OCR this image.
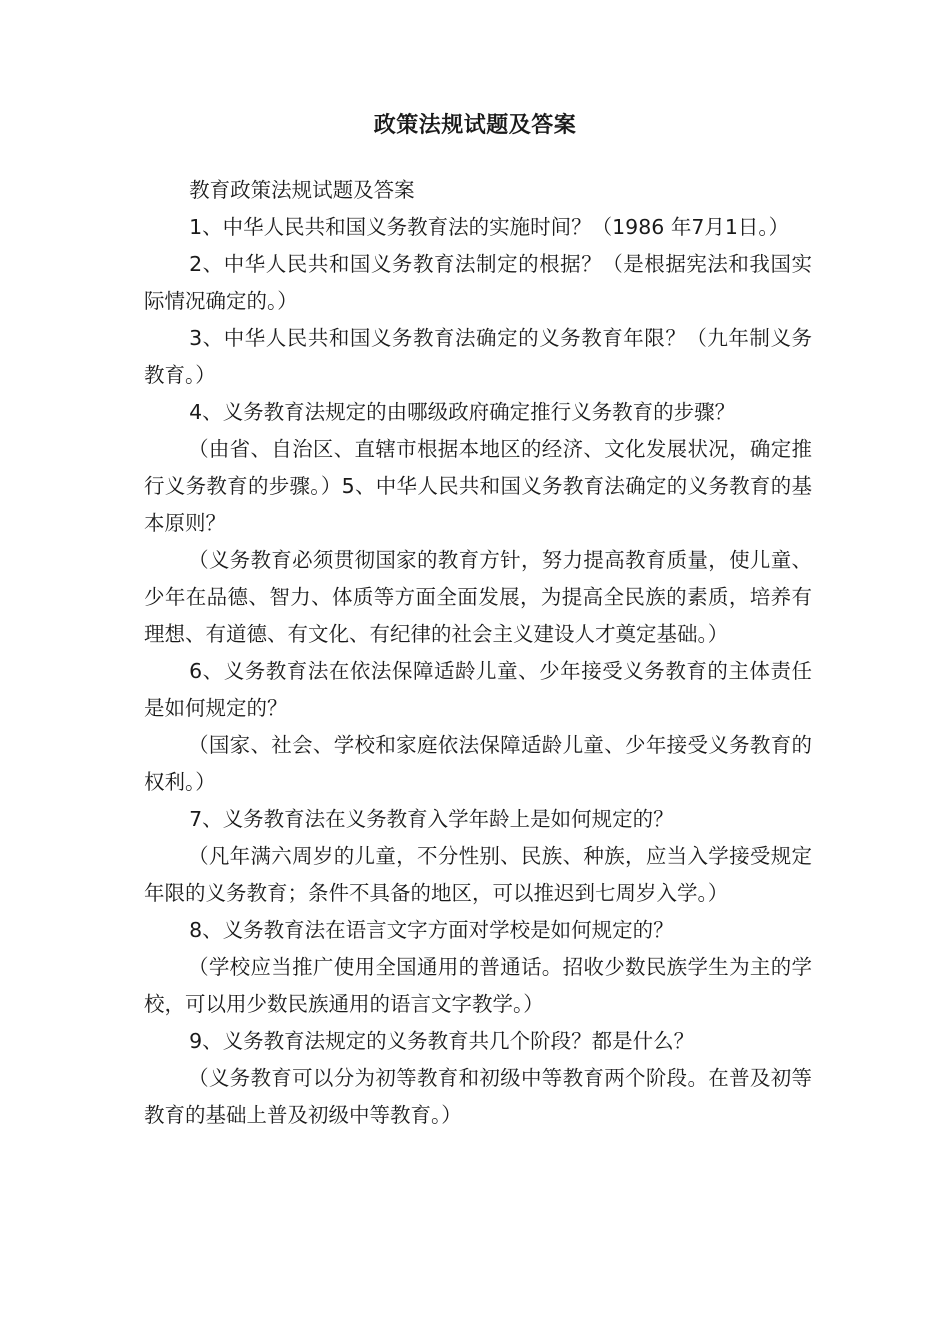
政策法规试题及答案

教育政策法规试题及答案

1、中华人民共和国义务教育法的实施时间？（1986 年7月1日。）

2、中华人民共和国义务教育法制定的根据？（是根据宪法和我国实际情况确定的。）

3、中华人民共和国义务教育法确定的义务教育年限？（九年制义务教育。）

4、义务教育法规定的由哪级政府确定推行义务教育的步骤？

（由省、自治区、直辖市根据本地区的经济、文化发展状况，确定推行义务教育的步骤。）5、中华人民共和国义务教育法确定的义务教育的基本原则？

（义务教育必须贯彻国家的教育方针，努力提高教育质量，使儿童、少年在品德、智力、体质等方面全面发展，为提高全民族的素质，培养有理想、有道德、有文化、有纪律的社会主义建设人才奠定基础。）

6、义务教育法在依法保障适龄儿童、少年接受义务教育的主体责任是如何规定的？

（国家、社会、学校和家庭依法保障适龄儿童、少年接受义务教育的权利。）

7、义务教育法在义务教育入学年龄上是如何规定的？

（凡年满六周岁的儿童，不分性别、民族、种族，应当入学接受规定年限的义务教育；条件不具备的地区，可以推迟到七周岁入学。）

8、义务教育法在语言文字方面对学校是如何规定的？

（学校应当推广使用全国通用的普通话。招收少数民族学生为主的学校，可以用少数民族通用的语言文字教学。）

9、义务教育法规定的义务教育共几个阶段？都是什么？

（义务教育可以分为初等教育和初级中等教育两个阶段。在普及初等教育的基础上普及初级中等教育。）
